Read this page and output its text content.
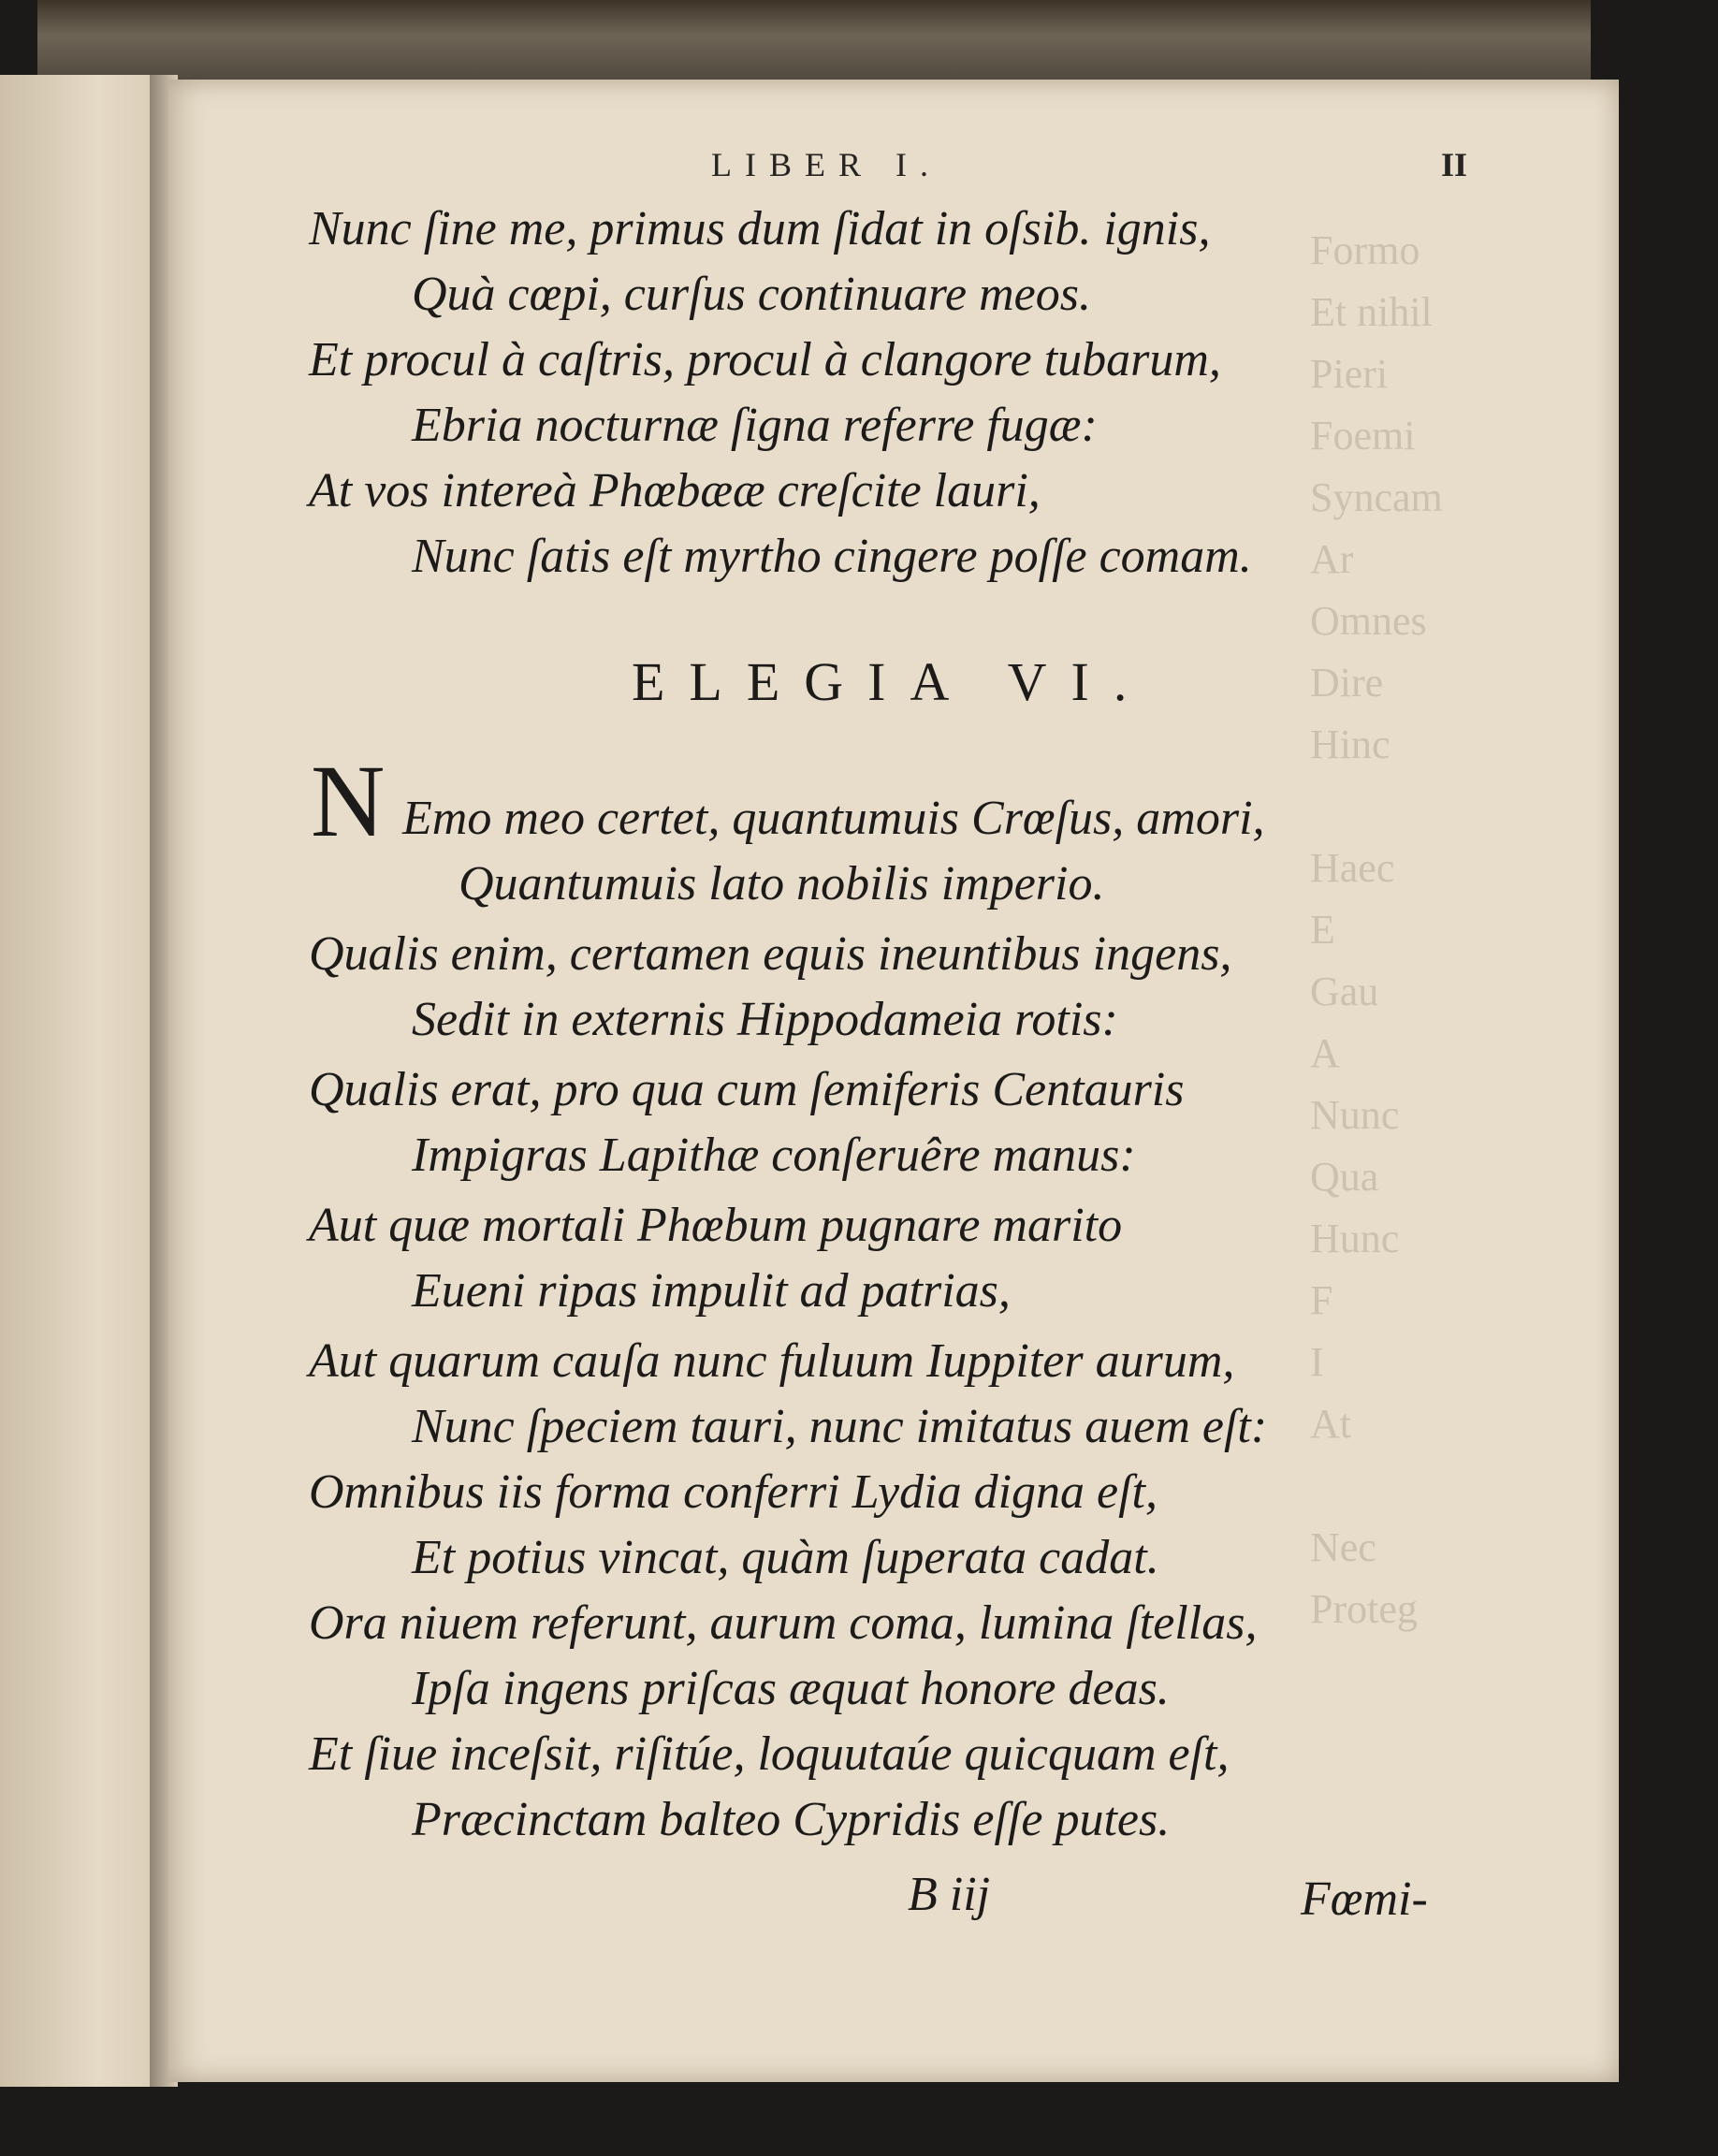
Formo
Et nihil
Pieri
Foemi
Syncam
Ar
Omnes
Dire
Hinc

Haec
E
Gau
A
Nunc
Qua
Hunc
F
I
At

Nec
Proteg
LIBER I.	II
Nunc ſine me, primus dum ſidat in oſsib. ignis,
Quà cœpi, curſus continuare meos.
Et procul à caſtris, procul à clangore tubarum,
Ebria nocturnæ ſigna referre fugæ:
At vos intereà Phœbææ creſcite lauri,
Nunc ſatis eſt myrtho cingere poſſe comam.
ELEGIA VI.
N Emo meo certet, quantumuis Crœſus, amori,
Quantumuis lato nobilis imperio.
Qualis enim, certamen equis ineuntibus ingens,
Sedit in externis Hippodameia rotis:
Qualis erat, pro qua cum ſemiferis Centauris
Impigras Lapithæ conſeruêre manus:
Aut quæ mortali Phœbum pugnare marito
Eueni ripas impulit ad patrias,
Aut quarum cauſa nunc fuluum Iuppiter aurum,
Nunc ſpeciem tauri, nunc imitatus auem eſt:
Omnibus iis forma conferri Lydia digna eſt,
Et potius vincat, quàm ſuperata cadat.
Ora niuem referunt, aurum coma, lumina ſtellas,
Ipſa ingens priſcas æquat honore deas.
Et ſiue inceſsit, riſitúe, loquutaúe quicquam eſt,
Præcinctam balteo Cypridis eſſe putes.
B iij	Fœmi-
